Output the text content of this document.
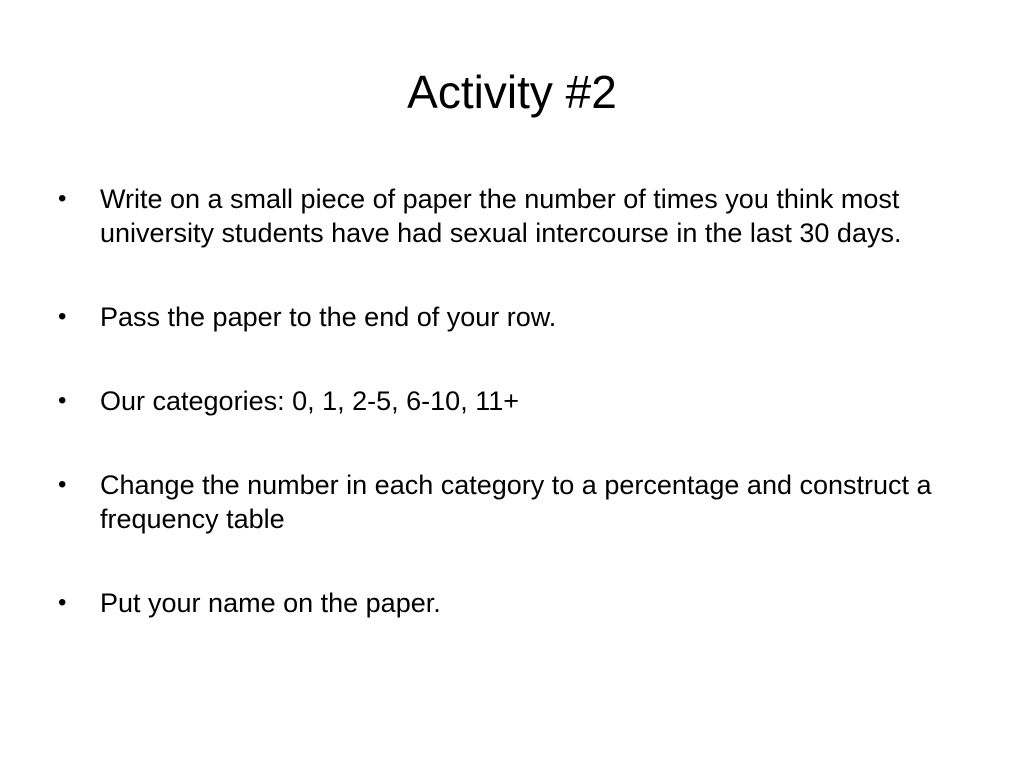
Activity #2
•	Write on a small piece of paper the number of times you think most university students have had sexual intercourse in the last 30 days.
•	Pass the paper to the end of your row.
•	Our categories: 0, 1, 2-5, 6-10, 11+
•	Change the number in each category to a percentage and construct a frequency table
•	Put your name on the paper.
